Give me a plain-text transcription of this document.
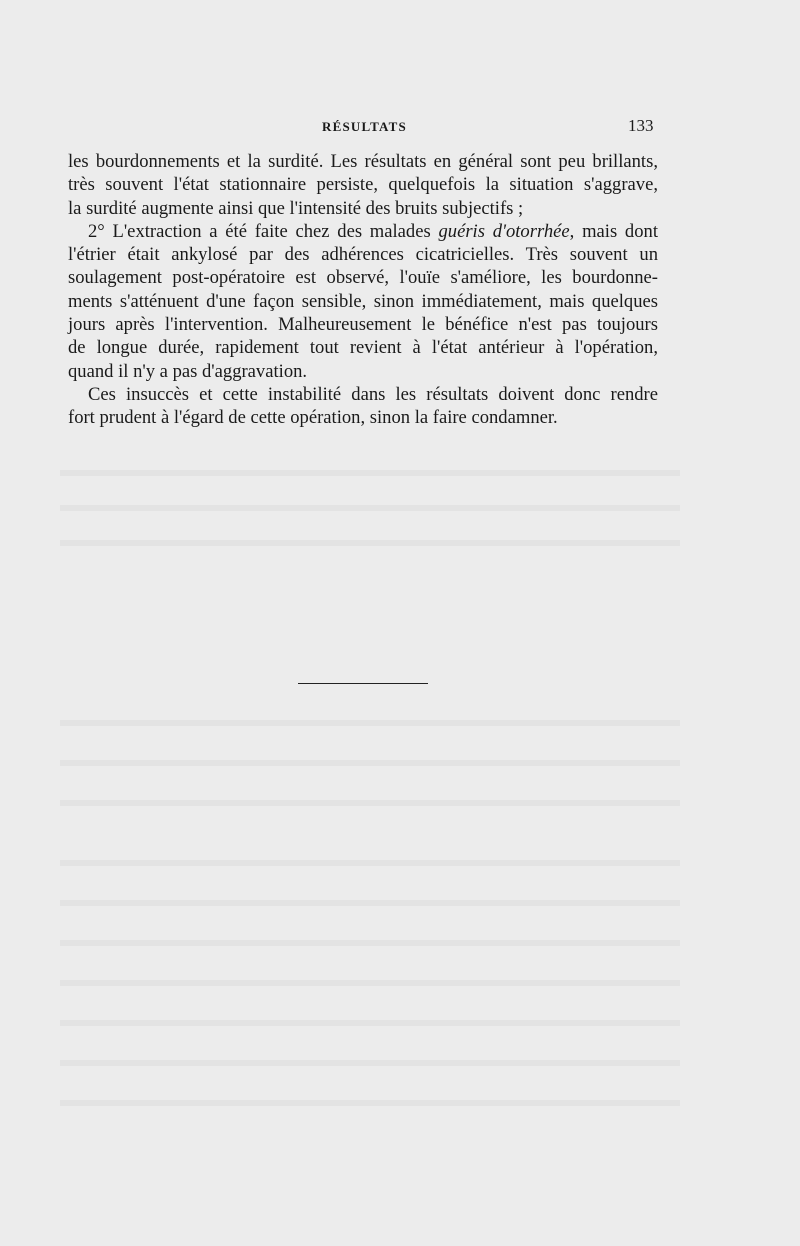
RÉSULTATS	133
les bourdonnements et la surdité. Les résultats en général sont peu brillants,
très souvent l'état stationnaire persiste, quelquefois la situation s'aggrave,
la surdité augmente ainsi que l'intensité des bruits subjectifs ;
2° L'extraction a été faite chez des malades guéris d'otorrhée, mais dont
l'étrier était ankylosé par des adhérences cicatricielles. Très souvent un
soulagement post-opératoire est observé, l'ouïe s'améliore, les bourdonne-
ments s'atténuent d'une façon sensible, sinon immédiatement, mais quelques
jours après l'intervention. Malheureusement le bénéfice n'est pas toujours
de longue durée, rapidement tout revient à l'état antérieur à l'opération,
quand il n'y a pas d'aggravation.
Ces insuccès et cette instabilité dans les résultats doivent donc rendre
fort prudent à l'égard de cette opération, sinon la faire condamner.
